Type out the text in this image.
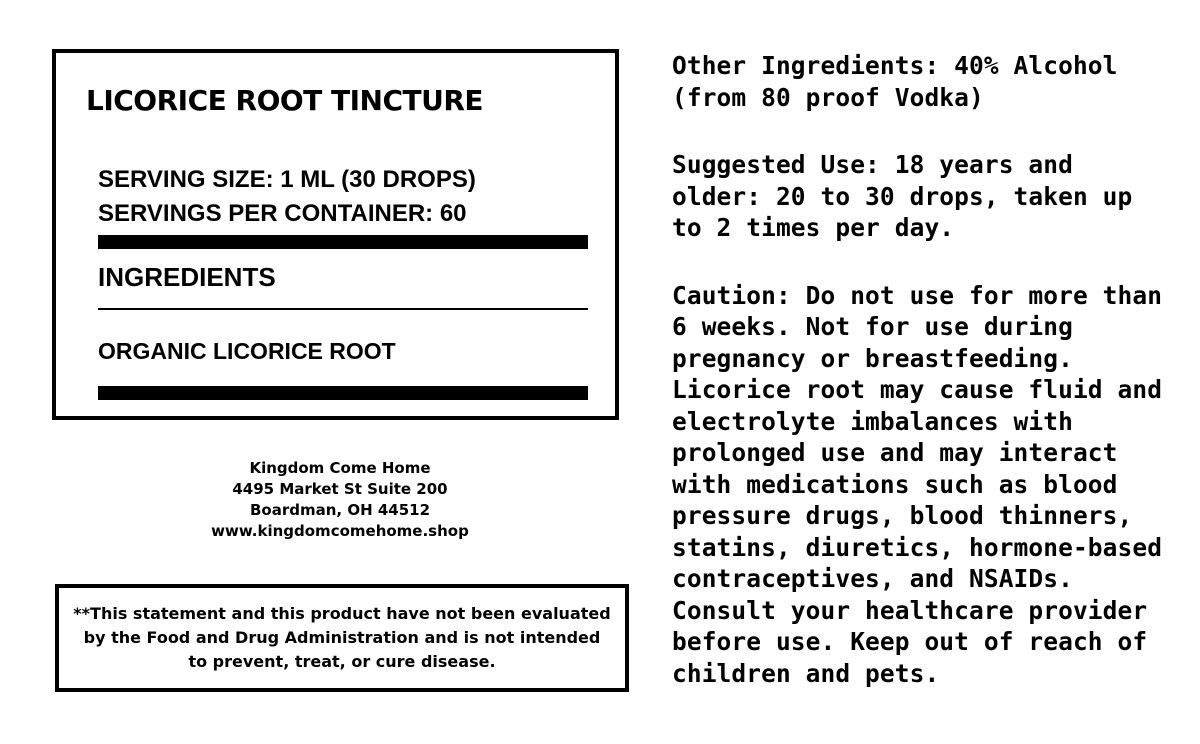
LICORICE ROOT TINCTURE
SERVING SIZE: 1 ML (30 DROPS)
SERVINGS PER CONTAINER: 60
INGREDIENTS
ORGANIC LICORICE ROOT
Kingdom Come Home
4495 Market St Suite 200
Boardman, OH 44512
www.kingdomcomehome.shop

**This statement and this product have not been evaluated by the Food and Drug Administration and is not intended to prevent, treat, or cure disease.

Other Ingredients: 40% Alcohol (from 80 proof Vodka)

Suggested Use: 18 years and older: 20 to 30 drops, taken up to 2 times per day.

Caution: Do not use for more than 6 weeks. Not for use during pregnancy or breastfeeding. Licorice root may cause fluid and electrolyte imbalances with prolonged use and may interact with medications such as blood pressure drugs, blood thinners, statins, diuretics, hormone-based contraceptives, and NSAIDs. Consult your healthcare provider before use. Keep out of reach of children and pets.
